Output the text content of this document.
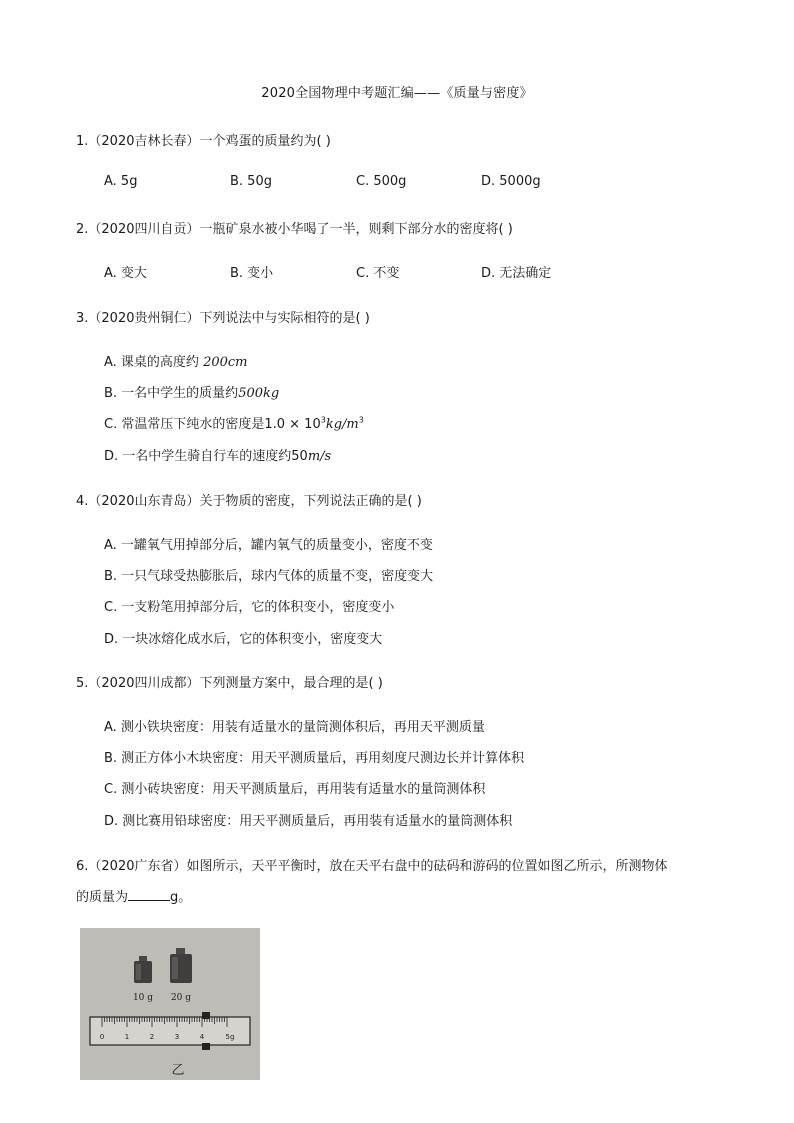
2020全国物理中考题汇编——《质量与密度》
1.（2020吉林长春）一个鸡蛋的质量约为( )
A. 5g	B. 50g	C. 500g	D. 5000g
2.（2020四川自贡）一瓶矿泉水被小华喝了一半，则剩下部分水的密度将( )
A. 变大	B. 变小	C. 不变	D. 无法确定
3.（2020贵州铜仁）下列说法中与实际相符的是( )
A. 课桌的高度约 200cm
B. 一名中学生的质量约500kg
C. 常温常压下纯水的密度是$1.0 \times 10^3kg/m^3$
D. 一名中学生骑自行车的速度约50m/s
4.（2020山东青岛）关于物质的密度，下列说法正确的是( )
A. 一罐氧气用掉部分后，罐内氧气的质量变小，密度不变
B. 一只气球受热膨胀后，球内气体的质量不变，密度变大
C. 一支粉笔用掉部分后，它的体积变小，密度变小
D. 一块冰熔化成水后，它的体积变小，密度变大
5.（2020四川成都）下列测量方案中，最合理的是( )
A. 测小铁块密度：用装有适量水的量筒测体积后，再用天平测质量
B. 测正方体小木块密度：用天平测质量后，再用刻度尺测边长并计算体积
C. 测小砖块密度：用天平测质量后，再用装有适量水的量筒测体积
D. 测比赛用铅球密度：用天平测质量后，再用装有适量水的量筒测体积
6.（2020广东省）如图所示，天平平衡时，放在天平右盘中的砝码和游码的位置如图乙所示，所测物体
的质量为	g。
10 g 20 g
0	1	2	3	4	5g
乙
